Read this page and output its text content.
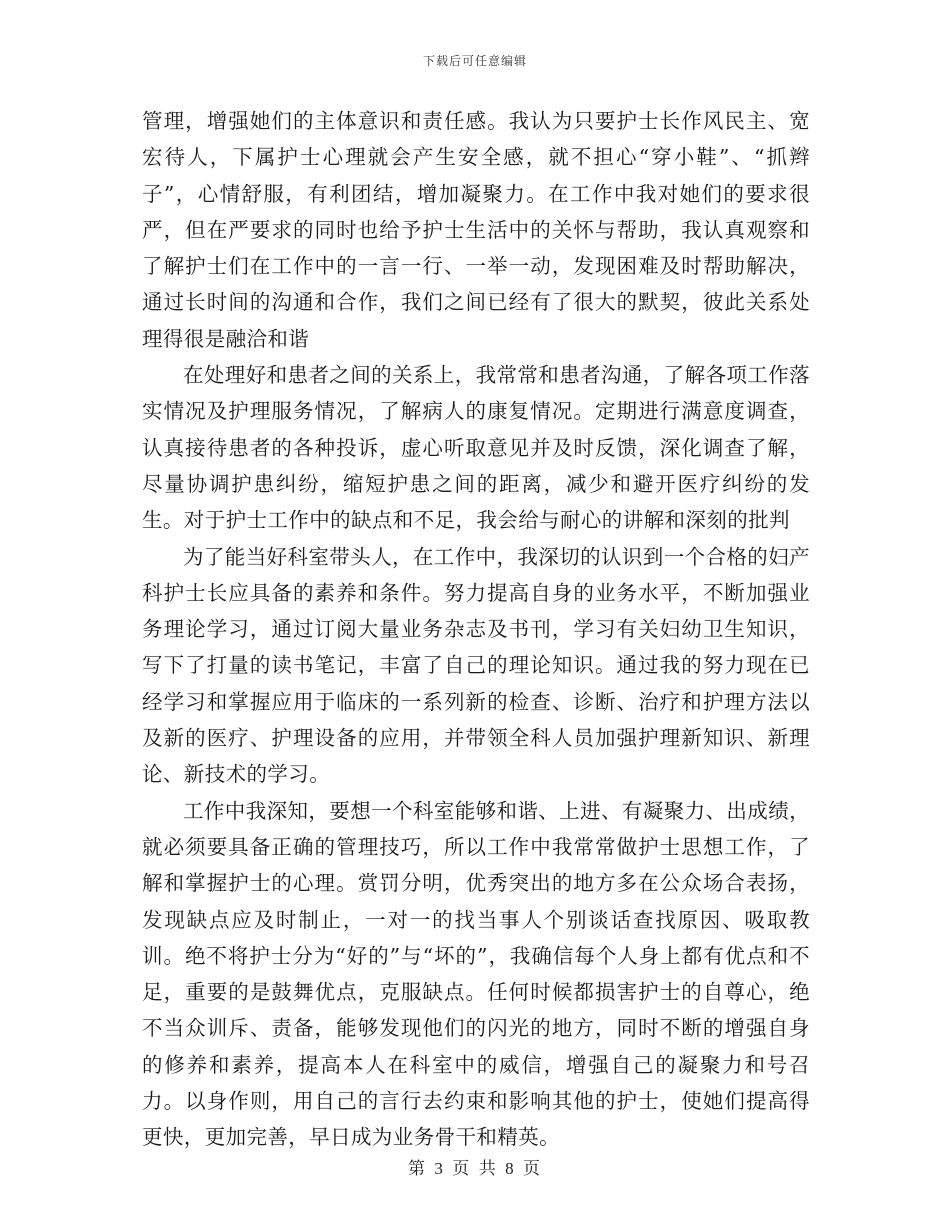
下载后可任意编辑

管理，增强她们的主体意识和责任感。我认为只要护士长作风民主、宽宏待人，下属护士心理就会产生安全感，就不担心“穿小鞋”、“抓辫子”，心情舒服，有利团结，增加凝聚力。在工作中我对她们的要求很严，但在严要求的同时也给予护士生活中的关怀与帮助，我认真观察和了解护士们在工作中的一言一行、一举一动，发现困难及时帮助解决，通过长时间的沟通和合作，我们之间已经有了很大的默契，彼此关系处理得很是融洽和谐

在处理好和患者之间的关系上，我常常和患者沟通，了解各项工作落实情况及护理服务情况，了解病人的康复情况。定期进行满意度调查，认真接待患者的各种投诉，虚心听取意见并及时反馈，深化调查了解，尽量协调护患纠纷，缩短护患之间的距离，减少和避开医疗纠纷的发生。对于护士工作中的缺点和不足，我会给与耐心的讲解和深刻的批判

为了能当好科室带头人，在工作中，我深切的认识到一个合格的妇产科护士长应具备的素养和条件。努力提高自身的业务水平，不断加强业务理论学习，通过订阅大量业务杂志及书刊，学习有关妇幼卫生知识，写下了打量的读书笔记，丰富了自己的理论知识。通过我的努力现在已经学习和掌握应用于临床的一系列新的检查、诊断、治疗和护理方法以及新的医疗、护理设备的应用，并带领全科人员加强护理新知识、新理论、新技术的学习。

工作中我深知，要想一个科室能够和谐、上进、有凝聚力、出成绩，就必须要具备正确的管理技巧，所以工作中我常常做护士思想工作，了解和掌握护士的心理。赏罚分明，优秀突出的地方多在公众场合表扬，发现缺点应及时制止，一对一的找当事人个别谈话查找原因、吸取教训。绝不将护士分为“好的”与“坏的”，我确信每个人身上都有优点和不足，重要的是鼓舞优点，克服缺点。任何时候都损害护士的自尊心，绝不当众训斥、责备，能够发现他们的闪光的地方，同时不断的增强自身的修养和素养，提高本人在科室中的威信，增强自己的凝聚力和号召力。以身作则，用自己的言行去约束和影响其他的护士，使她们提高得更快，更加完善，早日成为业务骨干和精英。

第 3 页 共 8 页
